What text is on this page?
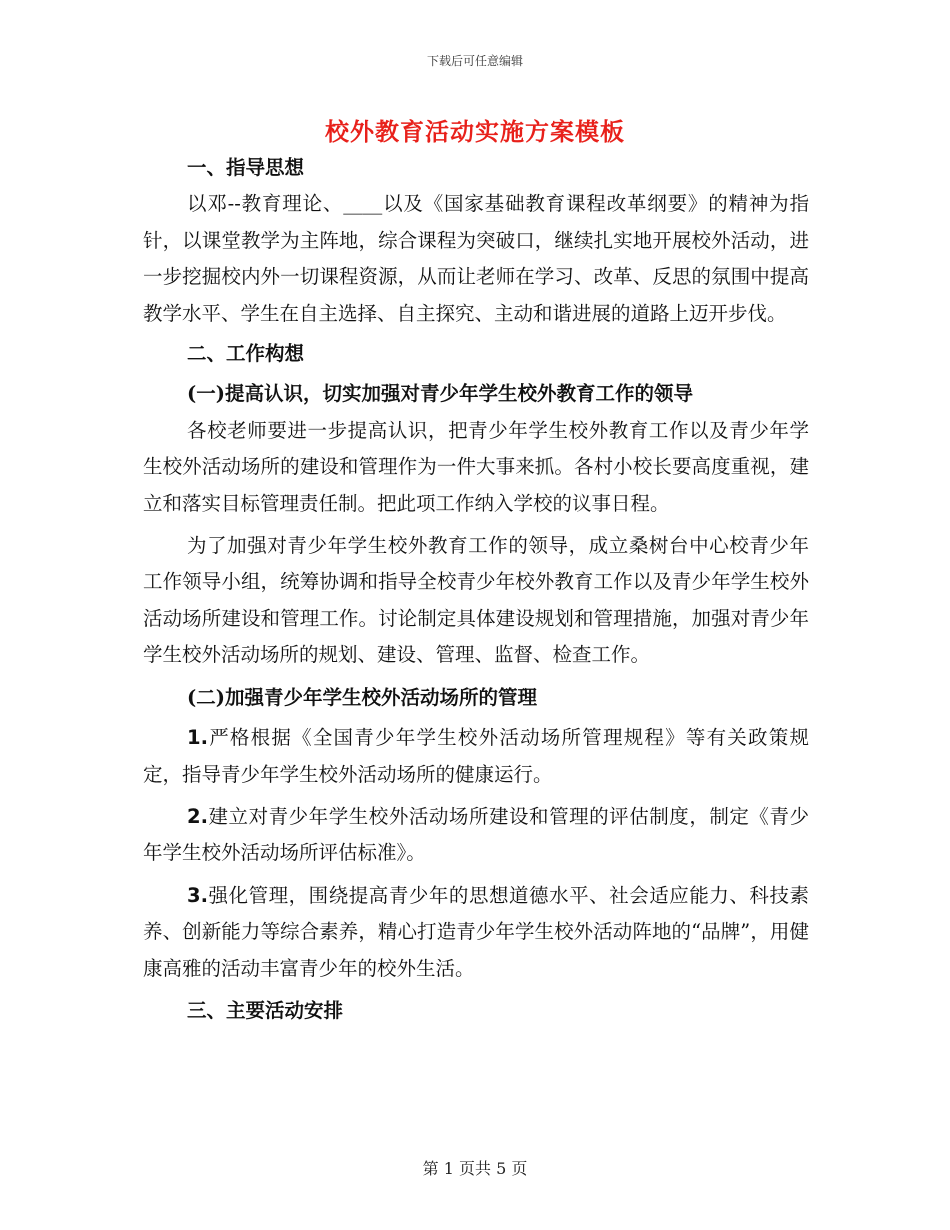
下载后可任意编辑
校外教育活动实施方案模板

一、指导思想

以邓--教育理论、____以及《国家基础教育课程改革纲要》的精神为指针，以课堂教学为主阵地，综合课程为突破口，继续扎实地开展校外活动，进一步挖掘校内外一切课程资源，从而让老师在学习、改革、反思的氛围中提高教学水平、学生在自主选择、自主探究、主动和谐进展的道路上迈开步伐。

二、工作构想

(一)提高认识，切实加强对青少年学生校外教育工作的领导

各校老师要进一步提高认识，把青少年学生校外教育工作以及青少年学生校外活动场所的建设和管理作为一件大事来抓。各村小校长要高度重视，建立和落实目标管理责任制。把此项工作纳入学校的议事日程。

为了加强对青少年学生校外教育工作的领导，成立桑树台中心校青少年工作领导小组，统筹协调和指导全校青少年校外教育工作以及青少年学生校外活动场所建设和管理工作。讨论制定具体建设规划和管理措施，加强对青少年学生校外活动场所的规划、建设、管理、监督、检查工作。

(二)加强青少年学生校外活动场所的管理

1.严格根据《全国青少年学生校外活动场所管理规程》等有关政策规定，指导青少年学生校外活动场所的健康运行。

2.建立对青少年学生校外活动场所建设和管理的评估制度，制定《青少年学生校外活动场所评估标准》。

3.强化管理，围绕提高青少年的思想道德水平、社会适应能力、科技素养、创新能力等综合素养，精心打造青少年学生校外活动阵地的“品牌”，用健康高雅的活动丰富青少年的校外生活。

三、主要活动安排

第 1 页共 5 页
